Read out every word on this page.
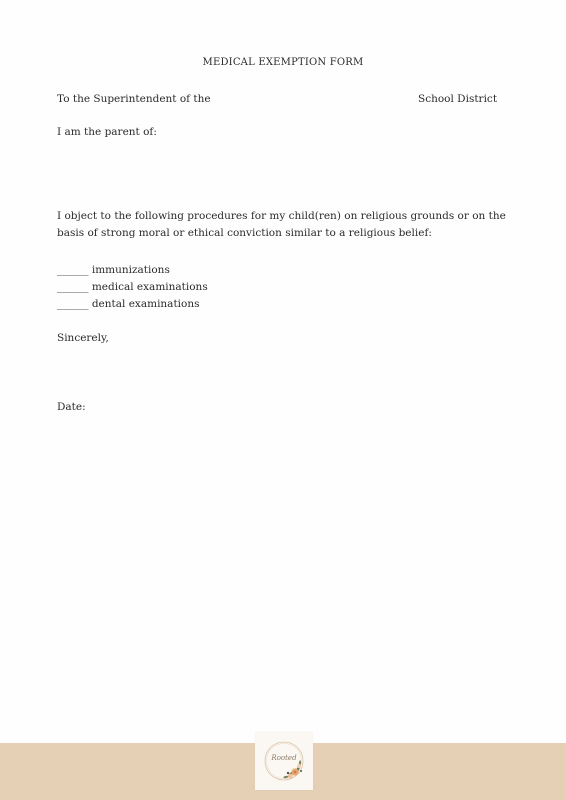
MEDICAL EXEMPTION FORM
To the Superintendent of the	School District
I am the parent of:
I object to the following procedures for my child(ren) on religious grounds or on the basis of strong moral or ethical conviction similar to a religious belief:
______ immunizations
______ medical examinations
______ dental examinations
Sincerely,
Date:
Rooted
